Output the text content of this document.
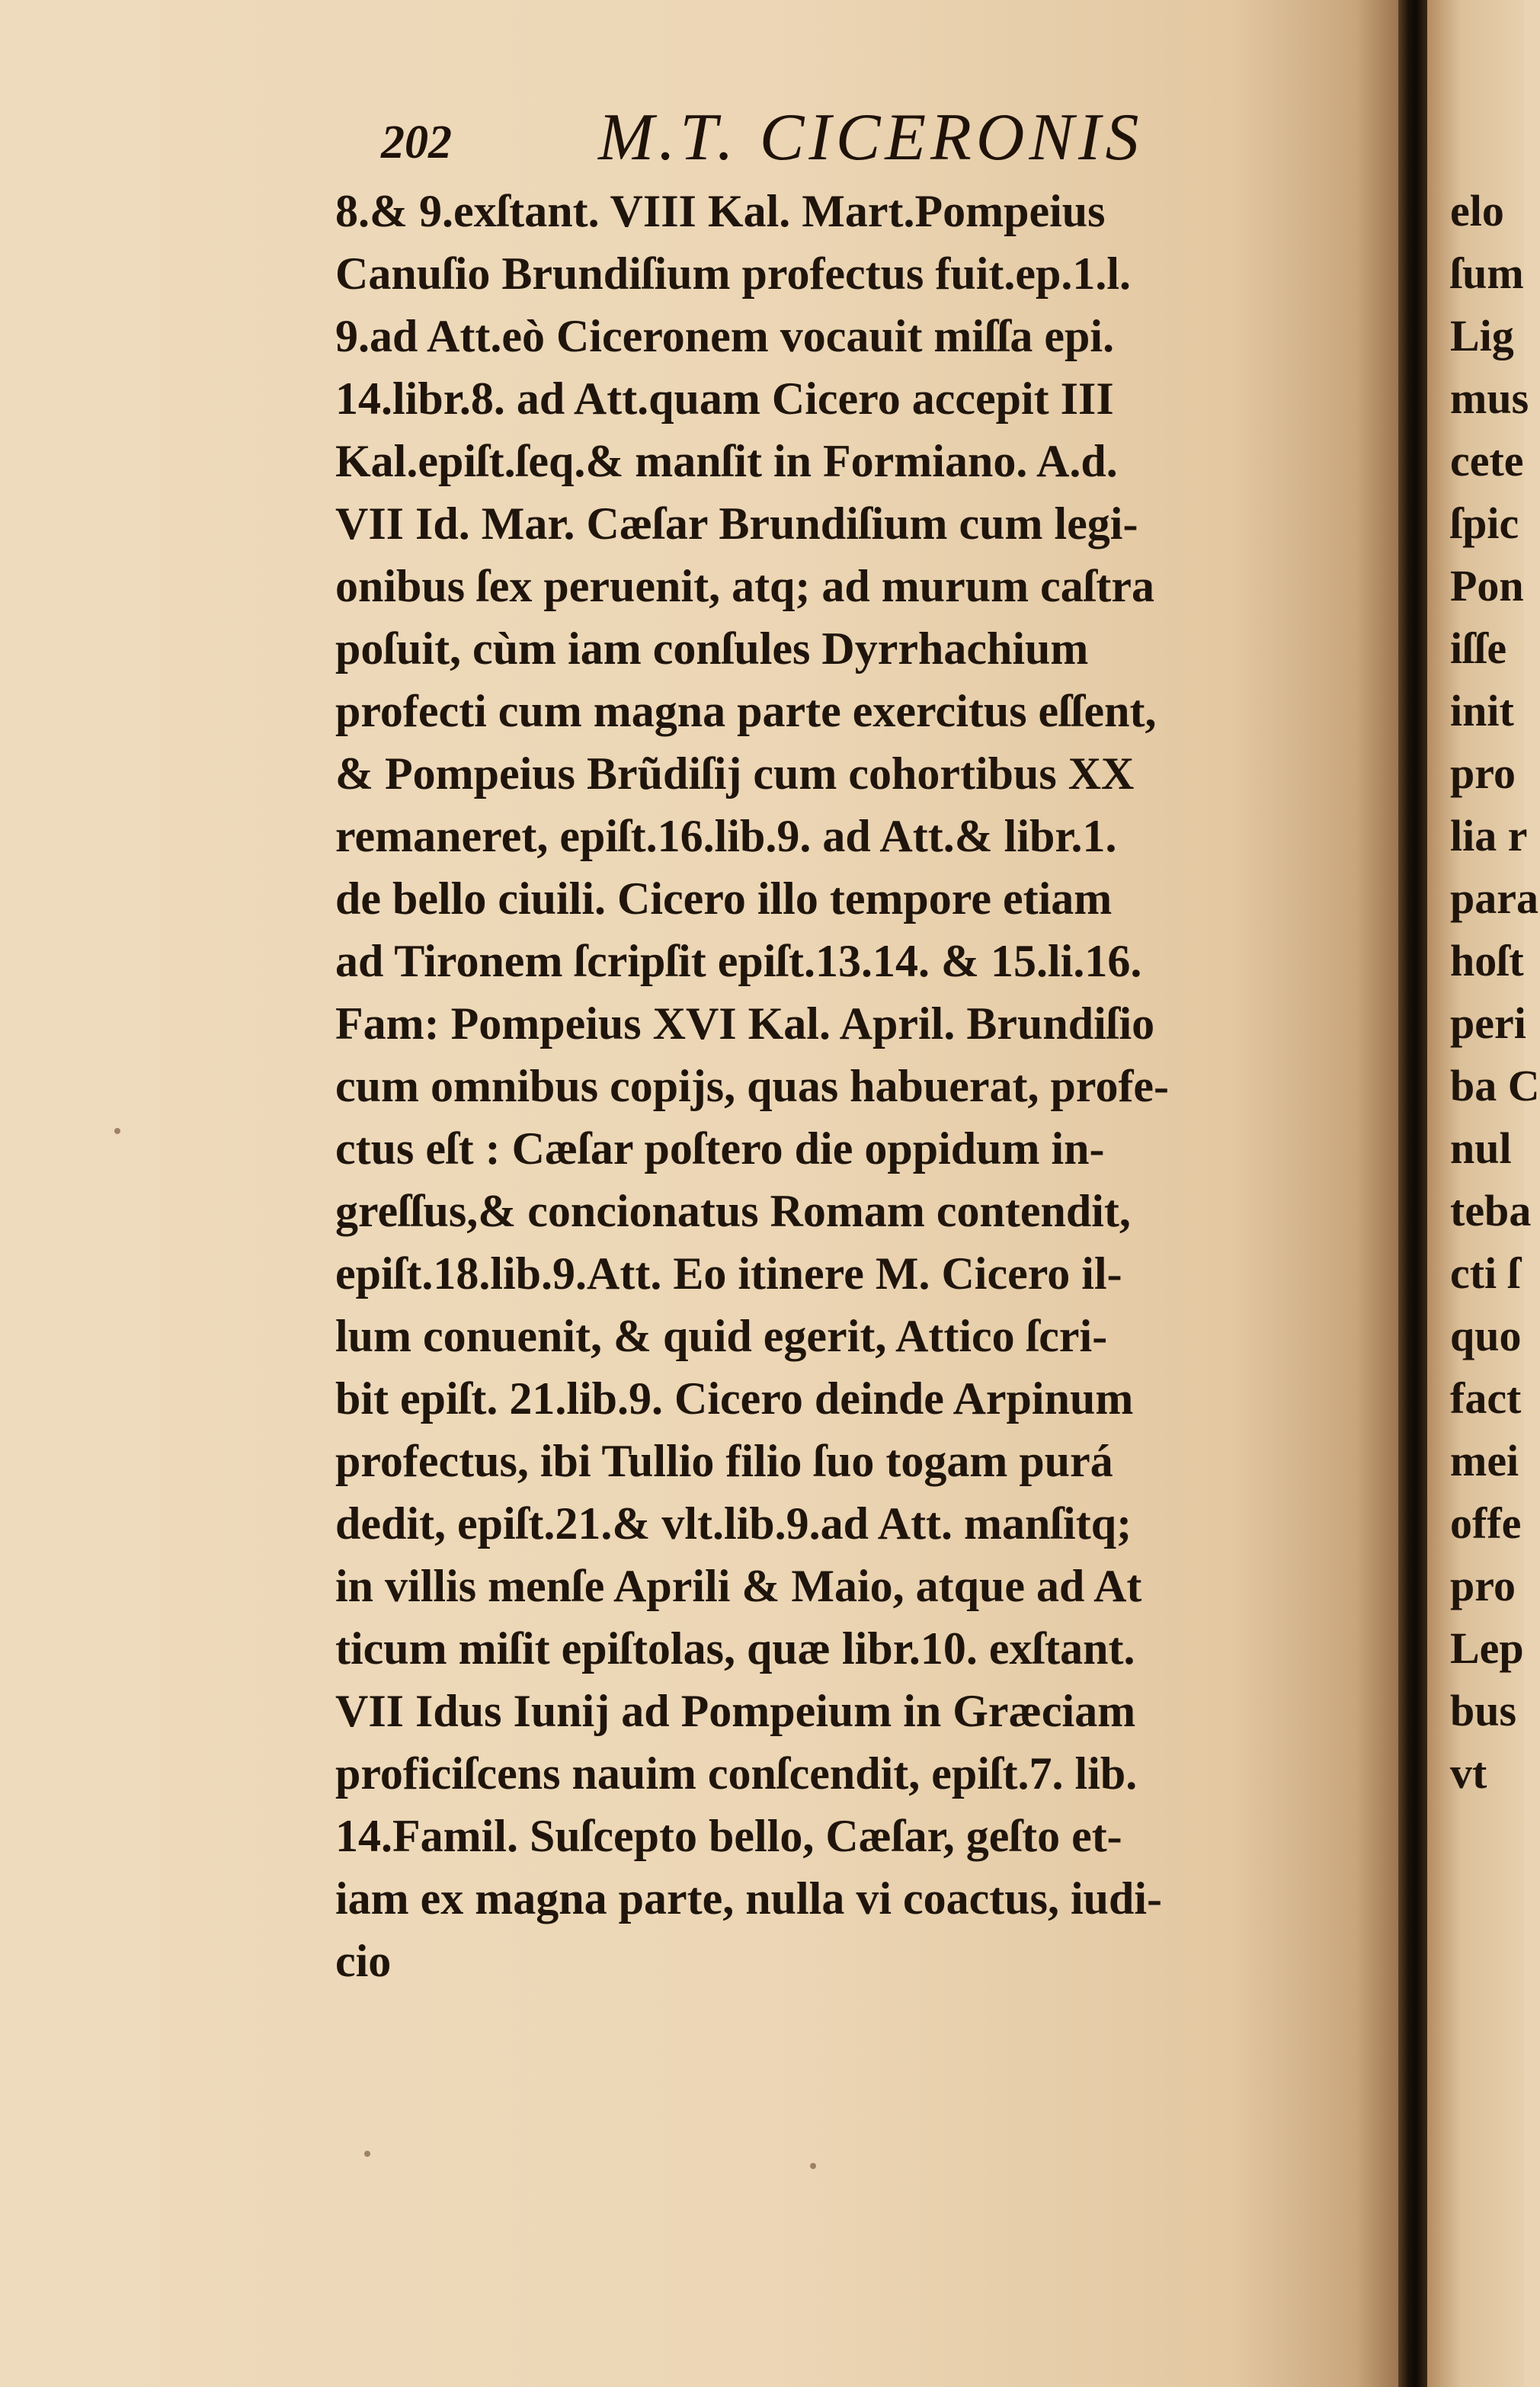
202 M.T. CICERONIS
8.& 9.exſtant. VIII Kal. Mart.Pompeius
Canuſio Brundiſium profectus fuit.ep.1.l.
9.ad Att.eò Ciceronem vocauit miſſa epi.
14.libr.8. ad Att.quam Cicero accepit III
Kal.epiſt.ſeq.& manſit in Formiano. A.d.
VII Id. Mar. Cæſar Brundiſium cum legi-
onibus ſex peruenit, atq; ad murum caſtra
poſuit, cùm iam conſules Dyrrhachium
profecti cum magna parte exercitus eſſent,
& Pompeius Brũdiſij cum cohortibus XX
remaneret, epiſt.16.lib.9. ad Att.& libr.1.
de bello ciuili. Cicero illo tempore etiam
ad Tironem ſcripſit epiſt.13.14. & 15.li.16.
Fam: Pompeius XVI Kal. April. Brundiſio
cum omnibus copijs, quas habuerat, profe-
ctus eſt : Cæſar poſtero die oppidum in-
greſſus,& concionatus Romam contendit,
epiſt.18.lib.9.Att. Eo itinere M. Cicero il-
lum conuenit, & quid egerit, Attico ſcri-
bit epiſt. 21.lib.9. Cicero deinde Arpinum
profectus, ibi Tullio filio ſuo togam purá
dedit, epiſt.21.& vlt.lib.9.ad Att. manſitq;
in villis menſe Aprili & Maio, atque ad At
ticum miſit epiſtolas, quæ libr.10. exſtant.
VII Idus Iunij ad Pompeium in Græciam
proficiſcens nauim conſcendit, epiſt.7. lib.
14.Famil. Suſcepto bello, Cæſar, geſto et-
iam ex magna parte, nulla vi coactus, iudi-
cio
elo
ſum
Lig
mus
cete
ſpic
Pon
iſſe
init
pro
lia r
para
hoſt
peri
ba C
nul
teba
cti ſ
quo
fact
mei
offe
pro
Lep
bus
vt
